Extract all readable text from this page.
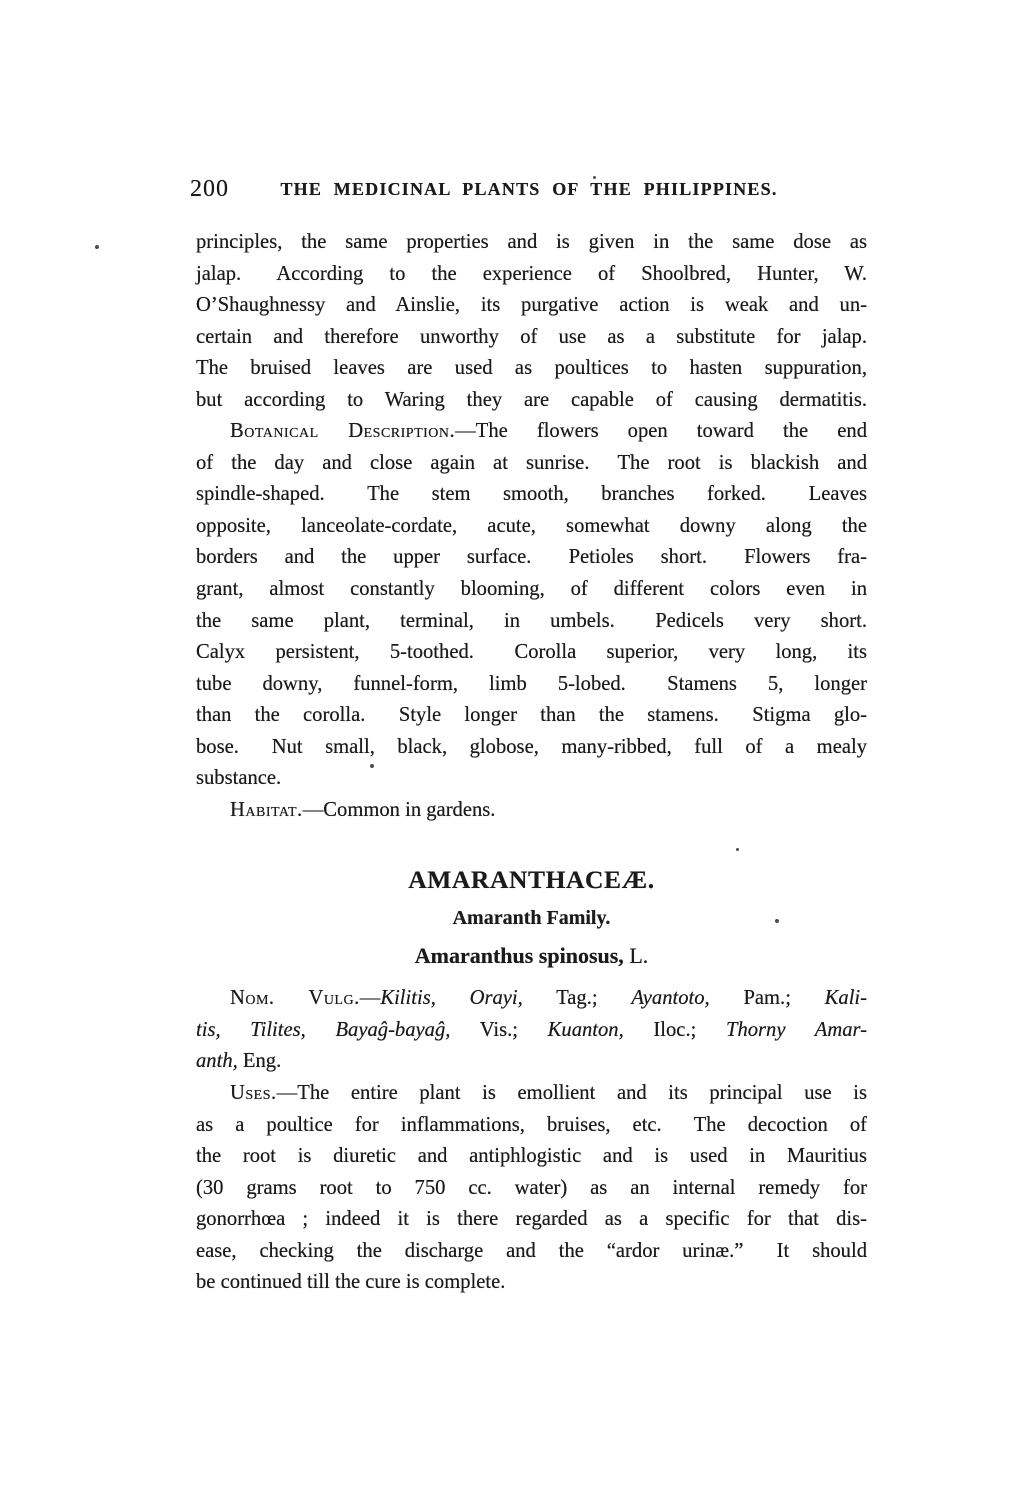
200	THE MEDICINAL PLANTS OF THE PHILIPPINES.
principles, the same properties and is given in the same dose as
jalap.  According to the experience of Shoolbred, Hunter, W.
O’Shaughnessy and Ainslie, its purgative action is weak and un-
certain and therefore unworthy of use as a substitute for jalap.
The bruised leaves are used as poultices to hasten suppuration,
but according to Waring they are capable of causing dermatitis.
Botanical Description.—The flowers open toward the end
of the day and close again at sunrise.  The root is blackish and
spindle-shaped.  The stem smooth, branches forked.  Leaves
opposite, lanceolate-cordate, acute, somewhat downy along the
borders and the upper surface.  Petioles short.  Flowers fra-
grant, almost constantly blooming, of different colors even in
the same plant, terminal, in umbels.  Pedicels very short.
Calyx persistent, 5-toothed.  Corolla superior, very long, its
tube downy, funnel-form, limb 5-lobed.  Stamens 5, longer
than the corolla.  Style longer than the stamens.  Stigma glo-
bose.  Nut small, black, globose, many-ribbed, full of a mealy
substance.
Habitat.—Common in gardens.
AMARANTHACEÆ.
Amaranth Family.
Amaranthus spinosus, L.
Nom. Vulg.—Kilitis, Orayi, Tag.; Ayantoto, Pam.; Kali-
tis, Tilites, Bayaĝ-bayaĝ, Vis.; Kuanton, Iloc.; Thorny Amar-
anth, Eng.
Uses.—The entire plant is emollient and its principal use is
as a poultice for inflammations, bruises, etc.  The decoction of
the root is diuretic and antiphlogistic and is used in Mauritius
(30 grams root to 750 cc. water) as an internal remedy for
gonorrhœa ; indeed it is there regarded as a specific for that dis-
ease, checking the discharge and the “ardor urinæ.”  It should
be continued till the cure is complete.
